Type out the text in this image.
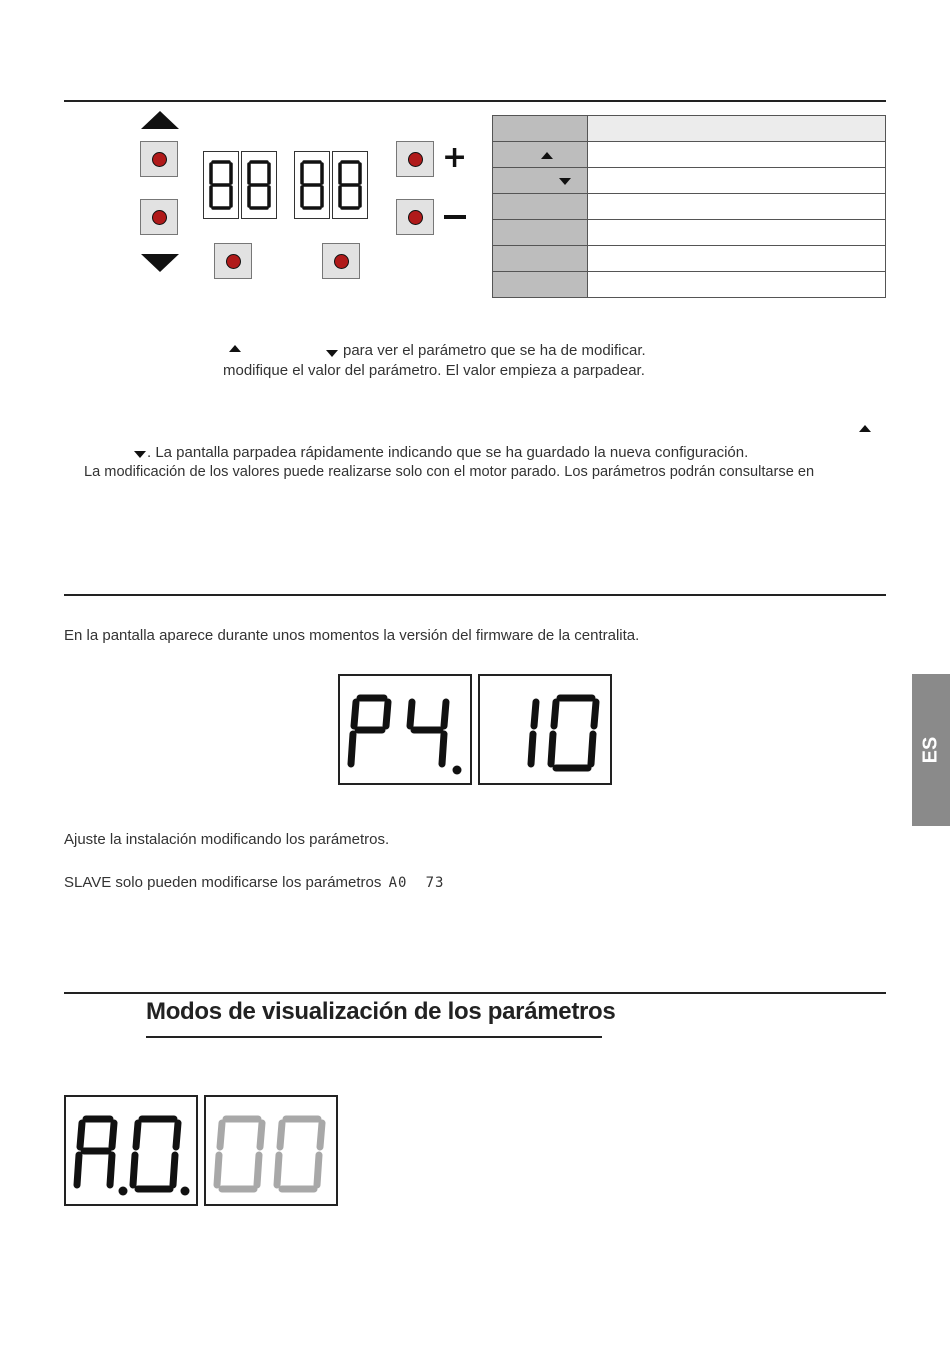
+

para ver el parámetro que se ha de modificar.
modifique el valor del parámetro. El valor empieza a parpadear.
. La pantalla parpadea rápidamente indicando que se ha guardado la nueva configuración.
La modificación de los valores puede realizarse solo con el motor parado. Los parámetros podrán consultarse en
En la pantalla aparece durante unos momentos la versión del firmware de la centralita.
P4.	10
ES
Ajuste la instalación modificando los parámetros.
SLAVE solo pueden modificarse los parámetros A0 73
Modos de visualización de los parámetros
A.0.	00
